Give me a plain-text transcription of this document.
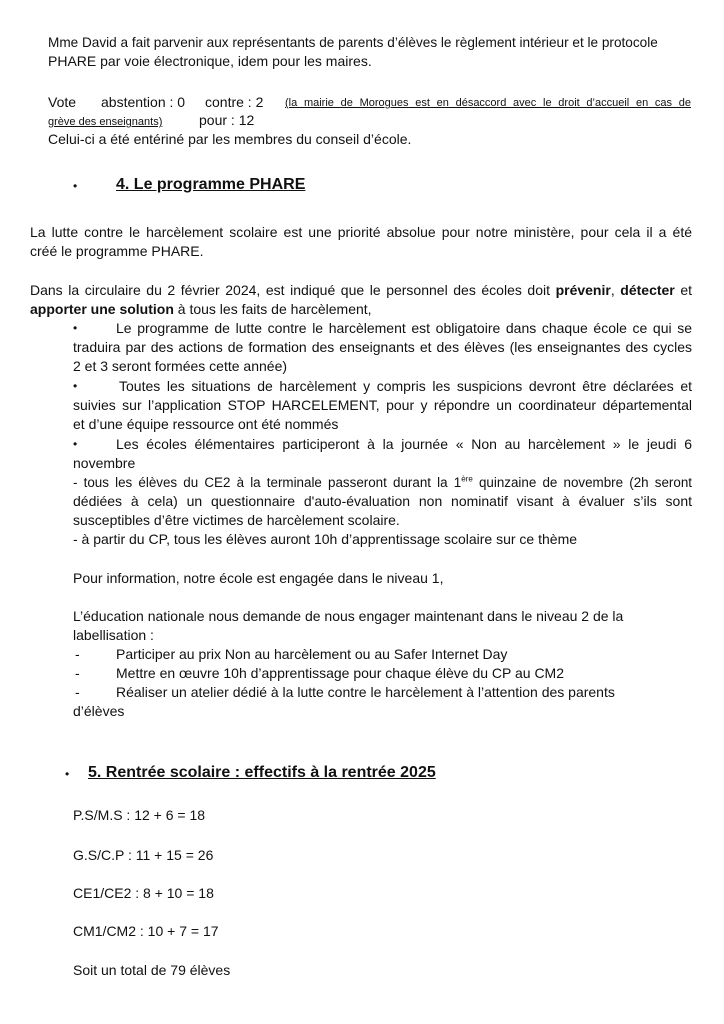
Mme David a fait parvenir aux représentants de parents d’élèves le règlement intérieur et le protocole
PHARE par voie électronique, idem pour les maires.
Vote abstention : 0 contre : 2 (la mairie de Morogues est en désaccord avec le droit d’accueil en cas de
grève des enseignants)	pour : 12
Celui-ci a été entériné par les membres du conseil d’école.
• 4. Le programme PHARE
La lutte contre le harcèlement scolaire est une priorité absolue pour notre ministère, pour cela il a été
créé le programme PHARE.
Dans la circulaire du 2 février 2024, est indiqué que le personnel des écoles doit prévenir, détecter et
apporter une solution à tous les faits de harcèlement,
•	Le programme de lutte contre le harcèlement est obligatoire dans chaque école ce qui se
traduira par des actions de formation des enseignants et des élèves (les enseignantes des cycles
2 et 3 seront formées cette année)
•	Toutes les situations de harcèlement y compris les suspicions devront être déclarées et
suivies sur l’application STOP HARCELEMENT, pour y répondre un coordinateur départemental
et d’une équipe ressource ont été nommés
•	Les écoles élémentaires participeront à la journée « Non au harcèlement » le jeudi 6
novembre
- tous les élèves du CE2 à la terminale passeront durant la 1ère quinzaine de novembre (2h seront
dédiées à cela) un questionnaire d'auto-évaluation non nominatif visant à évaluer s’ils sont
susceptibles d’être victimes de harcèlement scolaire.
- à partir du CP, tous les élèves auront 10h d’apprentissage scolaire sur ce thème
Pour information, notre école est engagée dans le niveau 1,
L’éducation nationale nous demande de nous engager maintenant dans le niveau 2 de la
labellisation :
-	Participer au prix Non au harcèlement ou au Safer Internet Day
-	Mettre en œuvre 10h d’apprentissage pour chaque élève du CP au CM2
-	Réaliser un atelier dédié à la lutte contre le harcèlement à l’attention des parents
d’élèves
• 5. Rentrée scolaire : effectifs à la rentrée 2025
P.S/M.S : 12 + 6 = 18
G.S/C.P : 11 + 15 = 26
CE1/CE2 : 8 + 10 = 18
CM1/CM2 : 10 + 7 = 17
Soit un total de 79 élèves
